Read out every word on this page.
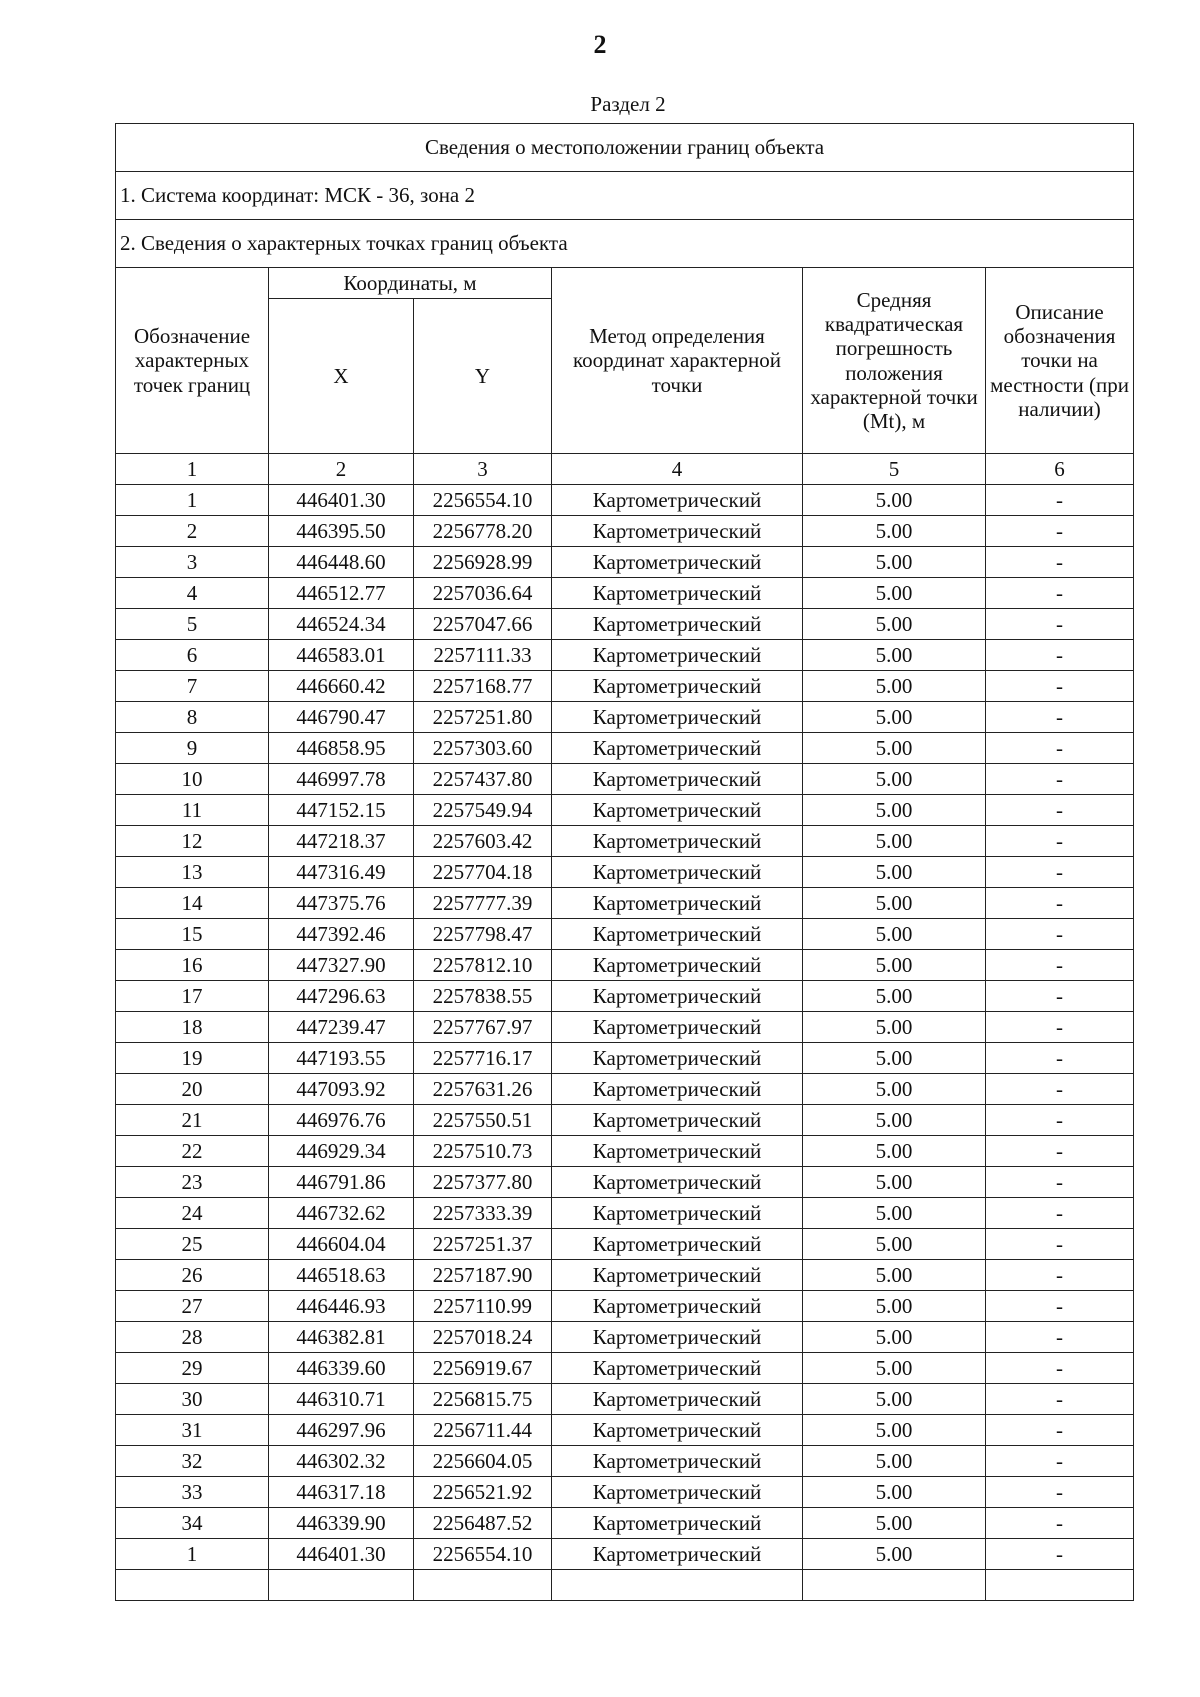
2
Раздел 2
Сведения о местоположении границ объекта					
1. Система координат: МСК - 36, зона 2					
2. Сведения о характерных точках границ объекта					
Обозначение характерных точек границ	Координаты, м		Метод определения координат характерной точки	Средняя квадратическая погрешность положения характерной точки (Mt), м	Описание обозначения точки на местности (при наличии)
	X	Y			
1	2	3	4	5	6
1	446401.30	2256554.10	Картометрический	5.00	-
2	446395.50	2256778.20	Картометрический	5.00	-
3	446448.60	2256928.99	Картометрический	5.00	-
4	446512.77	2257036.64	Картометрический	5.00	-
5	446524.34	2257047.66	Картометрический	5.00	-
6	446583.01	2257111.33	Картометрический	5.00	-
7	446660.42	2257168.77	Картометрический	5.00	-
8	446790.47	2257251.80	Картометрический	5.00	-
9	446858.95	2257303.60	Картометрический	5.00	-
10	446997.78	2257437.80	Картометрический	5.00	-
11	447152.15	2257549.94	Картометрический	5.00	-
12	447218.37	2257603.42	Картометрический	5.00	-
13	447316.49	2257704.18	Картометрический	5.00	-
14	447375.76	2257777.39	Картометрический	5.00	-
15	447392.46	2257798.47	Картометрический	5.00	-
16	447327.90	2257812.10	Картометрический	5.00	-
17	447296.63	2257838.55	Картометрический	5.00	-
18	447239.47	2257767.97	Картометрический	5.00	-
19	447193.55	2257716.17	Картометрический	5.00	-
20	447093.92	2257631.26	Картометрический	5.00	-
21	446976.76	2257550.51	Картометрический	5.00	-
22	446929.34	2257510.73	Картометрический	5.00	-
23	446791.86	2257377.80	Картометрический	5.00	-
24	446732.62	2257333.39	Картометрический	5.00	-
25	446604.04	2257251.37	Картометрический	5.00	-
26	446518.63	2257187.90	Картометрический	5.00	-
27	446446.93	2257110.99	Картометрический	5.00	-
28	446382.81	2257018.24	Картометрический	5.00	-
29	446339.60	2256919.67	Картометрический	5.00	-
30	446310.71	2256815.75	Картометрический	5.00	-
31	446297.96	2256711.44	Картометрический	5.00	-
32	446302.32	2256604.05	Картометрический	5.00	-
33	446317.18	2256521.92	Картометрический	5.00	-
34	446339.90	2256487.52	Картометрический	5.00	-
1	446401.30	2256554.10	Картометрический	5.00	-
